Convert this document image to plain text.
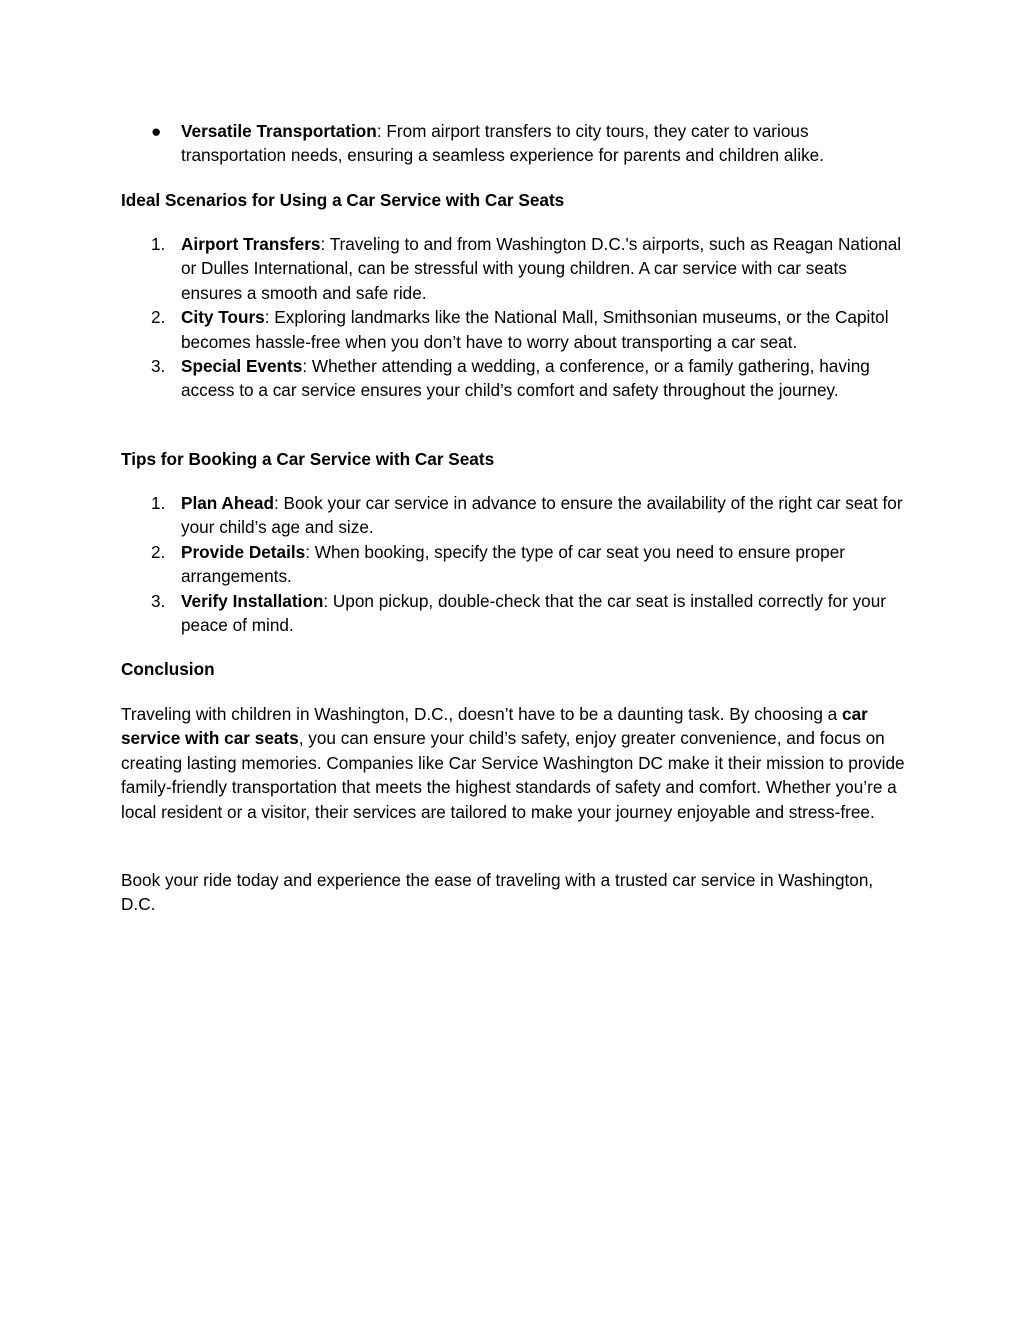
● Versatile Transportation: From airport transfers to city tours, they cater to various transportation needs, ensuring a seamless experience for parents and children alike.
Ideal Scenarios for Using a Car Service with Car Seats
1. Airport Transfers: Traveling to and from Washington D.C.'s airports, such as Reagan National or Dulles International, can be stressful with young children. A car service with car seats ensures a smooth and safe ride.
2. City Tours: Exploring landmarks like the National Mall, Smithsonian museums, or the Capitol becomes hassle-free when you don’t have to worry about transporting a car seat.
3. Special Events: Whether attending a wedding, a conference, or a family gathering, having access to a car service ensures your child’s comfort and safety throughout the journey.
Tips for Booking a Car Service with Car Seats
1. Plan Ahead: Book your car service in advance to ensure the availability of the right car seat for your child’s age and size.
2. Provide Details: When booking, specify the type of car seat you need to ensure proper arrangements.
3. Verify Installation: Upon pickup, double-check that the car seat is installed correctly for your peace of mind.
Conclusion

Traveling with children in Washington, D.C., doesn’t have to be a daunting task. By choosing a car service with car seats, you can ensure your child’s safety, enjoy greater convenience, and focus on creating lasting memories. Companies like Car Service Washington DC make it their mission to provide family-friendly transportation that meets the highest standards of safety and comfort. Whether you’re a local resident or a visitor, their services are tailored to make your journey enjoyable and stress-free.

Book your ride today and experience the ease of traveling with a trusted car service in Washington, D.C.
